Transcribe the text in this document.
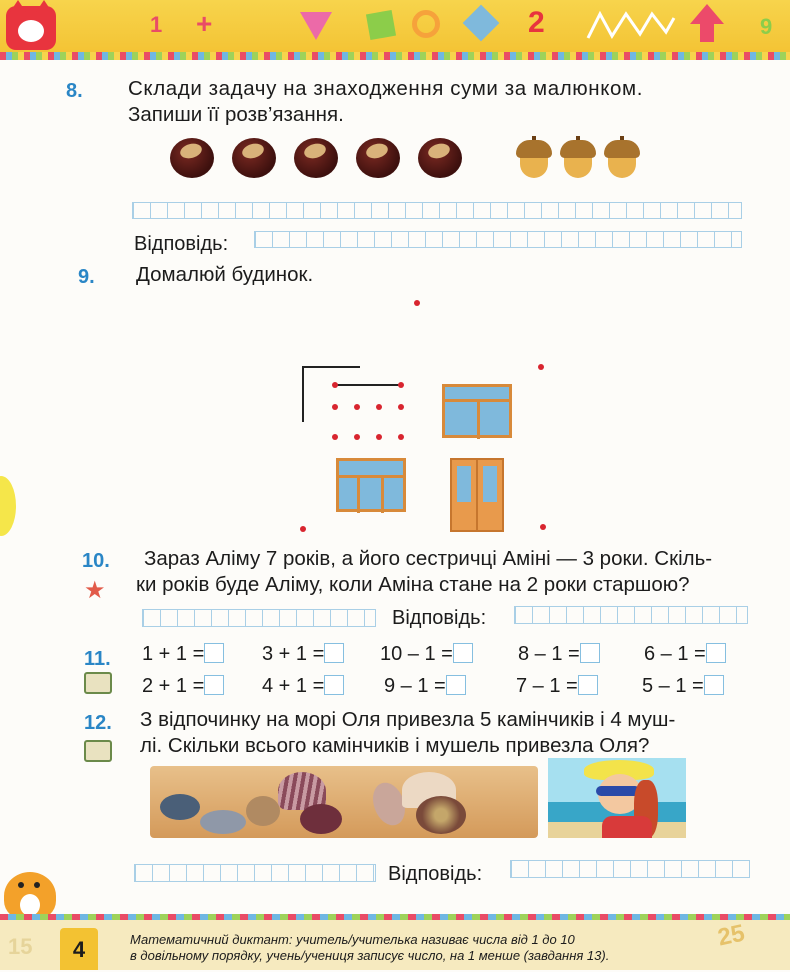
1 +	2	9
8. Склади задачу на знаходження суми за малюнком.
Запиши її розв’язання.
Відповідь:
9. Домалюй будинок.
10.
★
Зараз Аліму 7 років, а його сестричці Аміні — 3 роки. Скіль-
ки років буде Аліму, коли Аміна стане на 2 роки старшою?
Відповідь:
11. 1 + 1 =	3 + 1 =	10 – 1 =	8 – 1 =	6 – 1 =
2 + 1 =	4 + 1 =	9 – 1 =	7 – 1 =	5 – 1 =
12. З відпочинку на морі Оля привезла 5 камінчиків і 4 муш-
лі. Скільки всього камінчиків і мушель привезла Оля?
Відповідь:
15	4	Математичний диктант: учитель/учителька називає числа від 1 до 10
в довільному порядку, учень/учениця записує число, на 1 менше (завдання 13).
25
